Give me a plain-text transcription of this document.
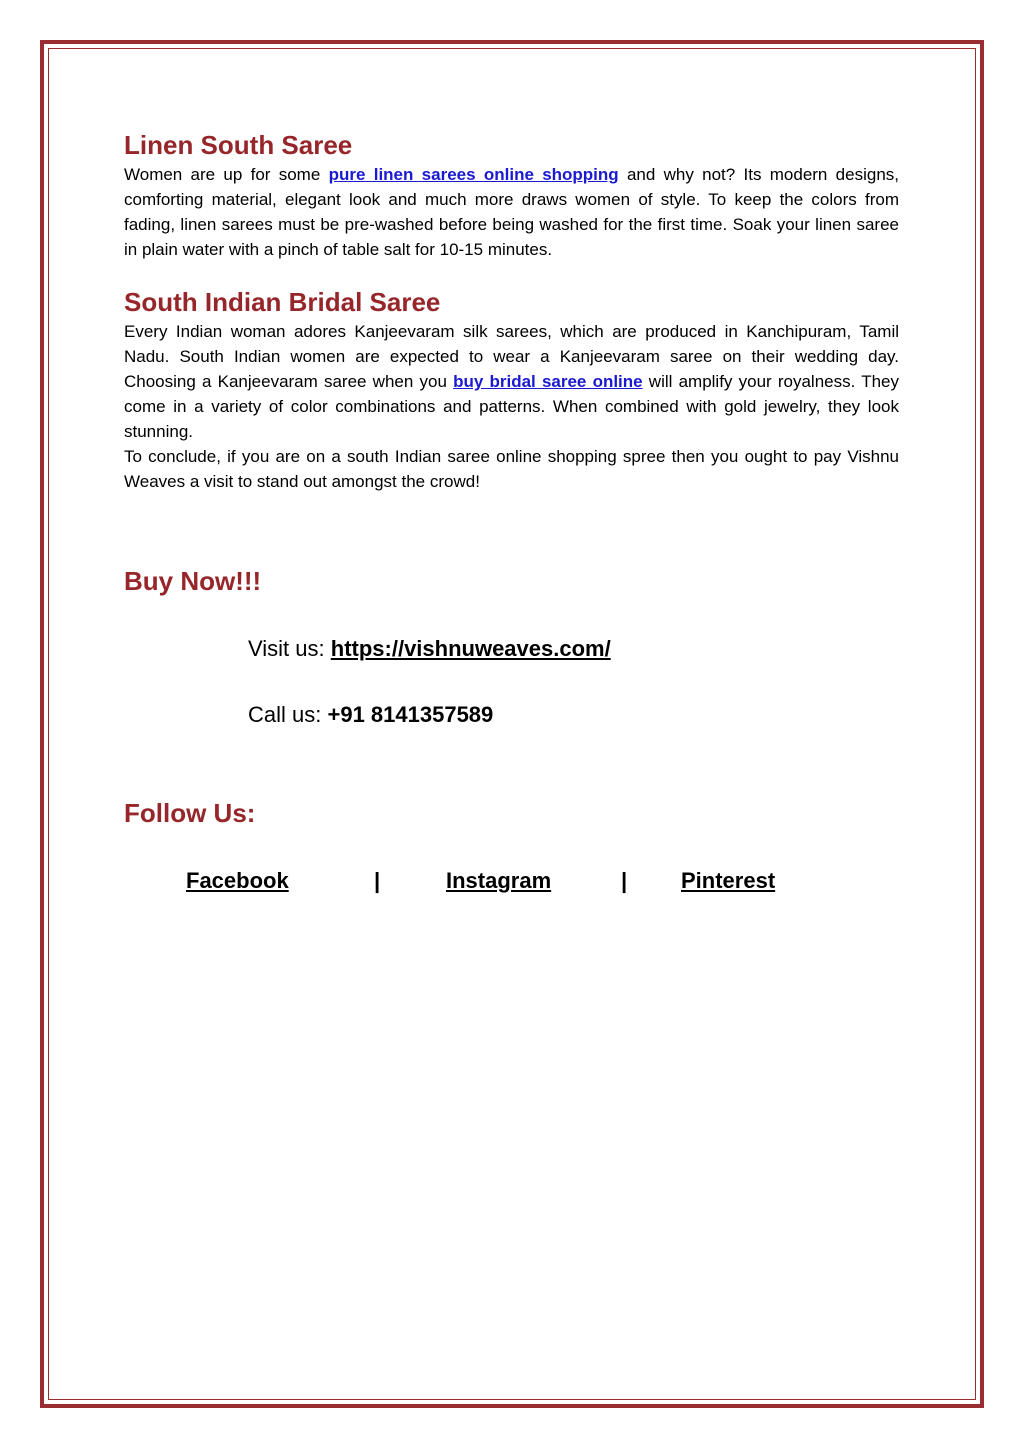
Linen South Saree

Women are up for some pure linen sarees online shopping and why not? Its modern designs, comforting material, elegant look and much more draws women of style. To keep the colors from fading, linen sarees must be pre-washed before being washed for the first time. Soak your linen saree in plain water with a pinch of table salt for 10-15 minutes.

South Indian Bridal Saree

Every Indian woman adores Kanjeevaram silk sarees, which are produced in Kanchipuram, Tamil Nadu. South Indian women are expected to wear a Kanjeevaram saree on their wedding day. Choosing a Kanjeevaram saree when you buy bridal saree online will amplify your royalness. They come in a variety of color combinations and patterns. When combined with gold jewelry, they look stunning.

To conclude, if you are on a south Indian saree online shopping spree then you ought to pay Vishnu Weaves a visit to stand out amongst the crowd!

Buy Now!!!
Visit us: https://vishnuweaves.com/
Call us: +91 8141357589
Follow Us:
Facebook	|	Instagram	| Pinterest
